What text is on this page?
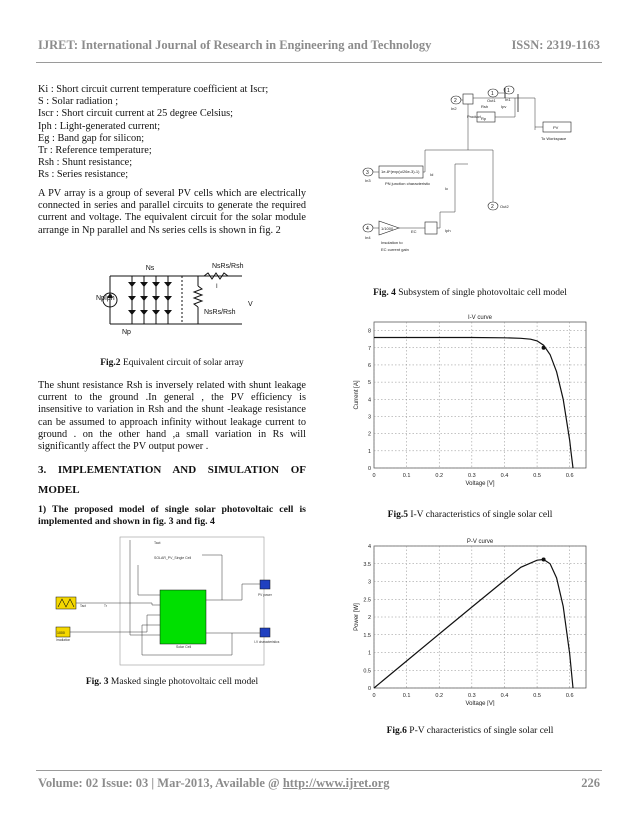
IJRET: International Journal of Research in Engineering and Technology	ISSN: 2319-1163

Ki : Short circuit current temperature coefficient at Iscr;

S : Solar radiation ;

Iscr : Short circuit current at 25 degree Celsius;

Iph : Light-generated current;

Eg : Band gap for silicon;

Tr : Reference temperature;

Rsh : Shunt resistance;

Rs : Series resistance;

A PV array is a group of several PV cells which are electrically connected in series and parallel circuits to generate the required current and voltage. The equivalent circuit for the solar module arrange in Np parallel and Ns series cells is shown in fig. 2
Ns	NsRs/Rsh
I
NpIph
Np
NsRs/Rsh
V
Fig.2 Equivalent circuit of solar array
The shunt resistance Rsh is inversely related with shunt leakage current to the ground .In general , the PV efficiency is insensitive to variation in Rsh and the shunt -leakage resistance can be assumed to approach infinity without leakage current to ground . on the other hand ,a small variation in Rs will significantly affect the PV output power .
3. IMPLEMENTATION AND SIMULATION OF
MODEL
1) The proposed model of single solar photovoltaic cell is implemented and shown in fig. 3 and fig. 4
Tact
SOLAR_PV_Single Cell
Solar Cell
1000
Irradiation
Tact	Tr
PV power
I-V characteristics
Fig. 3 Masked single photovoltaic cell model
2
1
1
3
4
2
In2
In1
Out1
In3
In4
Out2
Product
Rsh
Rp
Ipv
PV
To Workspace
Id
Ic
1e-8*(exp(u/26e-3)-1)
PN junction characteristic
1/1000	Iph
EC
Insolation to
EC current gain
Fig. 4 Subsystem of single photovoltaic cell model
0	0.1	0.2	0.3	0.4	0.5	0.6
0
1
2
3
4
5
6
7
8
I-V curve
Voltage [V]
Current [A]
Fig.5 I-V characteristics of single solar cell
0	0.1	0.2	0.3	0.4	0.5	0.6
0
0.5
1
1.5
2
2.5
3
3.5
4
P-V curve
Voltage [V]
Power [W]
Fig.6 P-V characteristics of single solar cell
Volume: 02 Issue: 03 | Mar-2013, Available @ http://www.ijret.org	226
